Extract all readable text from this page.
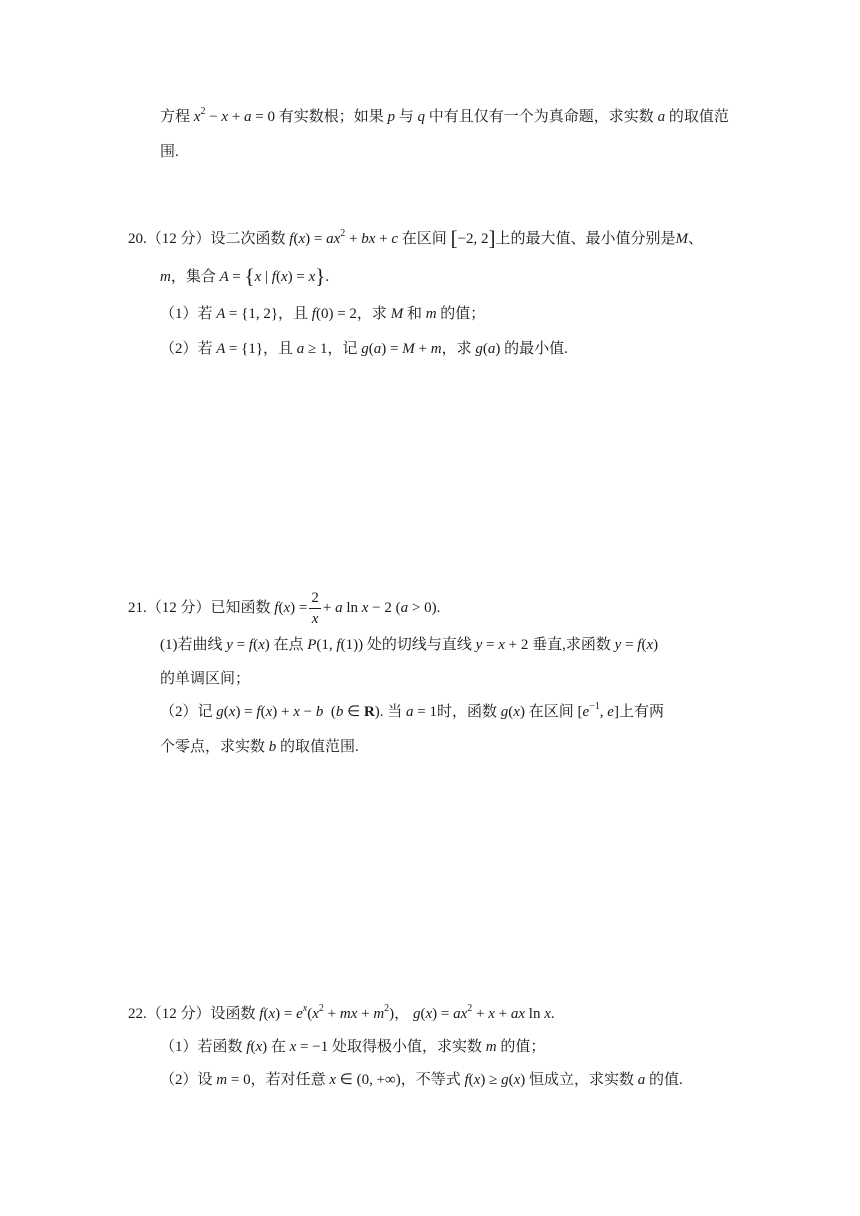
方程 $x^2 - x + a = 0$ 有实数根；如果 p 与 q 中有且仅有一个为真命题，求实数 a 的取值范
围.
20.（12 分）设二次函数 $f(x) = ax^2$ + bx + c 在区间 [−2, 2]上的最大值、最小值分别是M、
m，集合 A = {x | f(x) = x}.
（1）若 A = {1, 2}，且 f(0) = 2，求 M 和 m 的值；
（2）若 A = {1}，且 a ≥ 1，记 g(a) = M + m，求 g(a) 的最小值.
21.（12 分）已知函数 $f(x) = \frac{2}{x} + a$ ln x − 2 (a > 0).
(1)若曲线 y = f(x) 在点 P(1, f(1)) 处的切线与直线 y = x + 2 垂直,求函数 y = f(x)
的单调区间；
（2）记 g(x) = f(x) + x − b  (b ∈ R). 当 a = 1时，函数 g(x) 在区间 [$e^{-1}$, e]上有两
个零点，求实数 b 的取值范围.
22.（12 分）设函数 $f(x) = e^x(x^2$ + mx + $m^2$)， $g(x) = ax^2 + x$ + ax ln x.
（1）若函数 f(x) 在 x = −1 处取得极小值，求实数 m 的值；
（2）设 m = 0，若对任意 x ∈ (0, +∞)，不等式 f(x) ≥ g(x) 恒成立，求实数 a 的值.
